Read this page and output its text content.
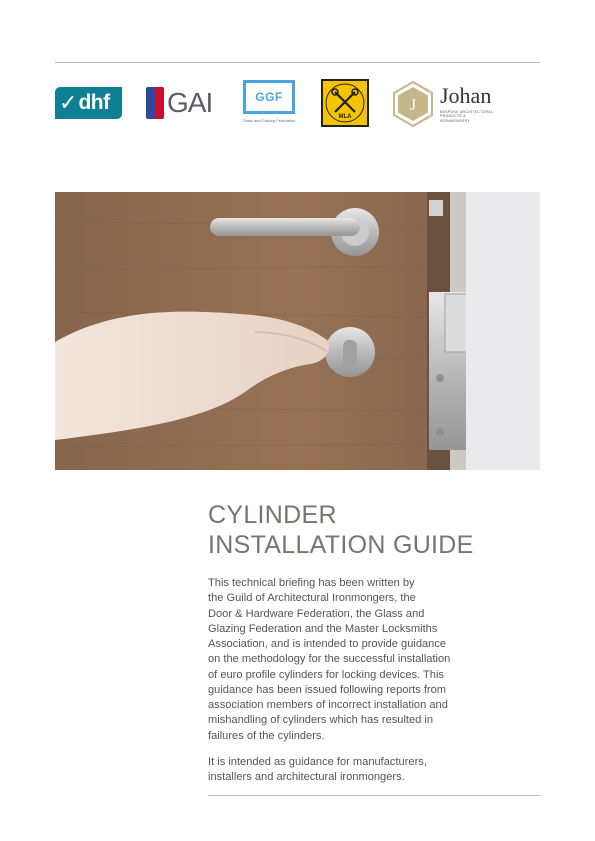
✓ dhf GAI	GGF
Glass and Glazing Federation
MLA
J Johan
BESPOKE ARCHITECTURAL PRODUCTS & IRONMONGERY
CYLINDER
INSTALLATION GUIDE
This technical briefing has been written by
the Guild of Architectural Ironmongers, the
Door & Hardware Federation, the Glass and
Glazing Federation and the Master Locksmiths
Association, and is intended to provide guidance
on the methodology for the successful installation
of euro profile cylinders for locking devices. This
guidance has been issued following reports from
association members of incorrect installation and
mishandling of cylinders which has resulted in
failures of the cylinders.
It is intended as guidance for manufacturers,
installers and architectural ironmongers.
